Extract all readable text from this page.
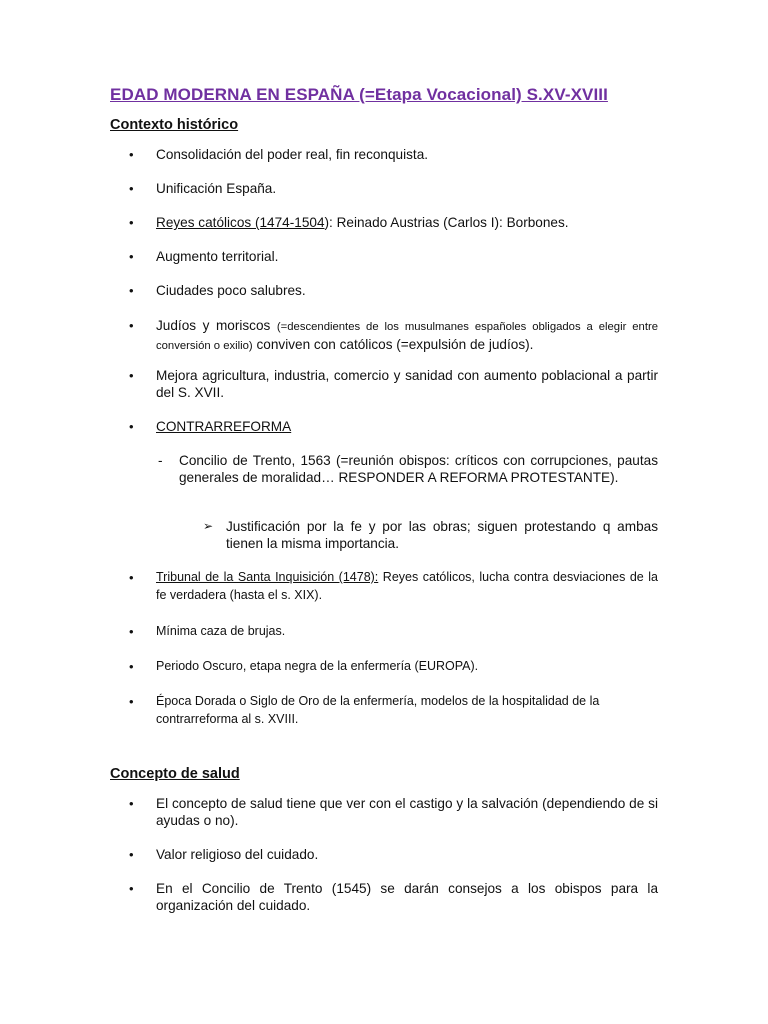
EDAD MODERNA EN ESPAÑA (=Etapa Vocacional) S.XV-XVIII
Contexto histórico
• Consolidación del poder real, fin reconquista.
• Unificación España.
• Reyes católicos (1474-1504): Reinado Austrias (Carlos I): Borbones.
• Augmento territorial.
• Ciudades poco salubres.
• Judíos y moriscos (=descendientes de los musulmanes españoles obligados a elegir entre conversión o exilio) conviven con católicos (=expulsión de judíos).
• Mejora agricultura, industria, comercio y sanidad con aumento poblacional a partir del S. XVII.
• CONTRARREFORMA
- Concilio de Trento, 1563 (=reunión obispos: críticos con corrupciones, pautas generales de moralidad… RESPONDER A REFORMA PROTESTANTE).
➢ Justificación por la fe y por las obras; siguen protestando q ambas tienen la misma importancia.
• Tribunal de la Santa Inquisición (1478): Reyes católicos, lucha contra desviaciones de la fe verdadera (hasta el s. XIX).
• Mínima caza de brujas.
• Periodo Oscuro, etapa negra de la enfermería (EUROPA).
• Época Dorada o Siglo de Oro de la enfermería, modelos de la hospitalidad de la contrarreforma al s. XVIII.
Concepto de salud
• El concepto de salud tiene que ver con el castigo y la salvación (dependiendo de si ayudas o no).
• Valor religioso del cuidado.
• En el Concilio de Trento (1545) se darán consejos a los obispos para la organización del cuidado.
